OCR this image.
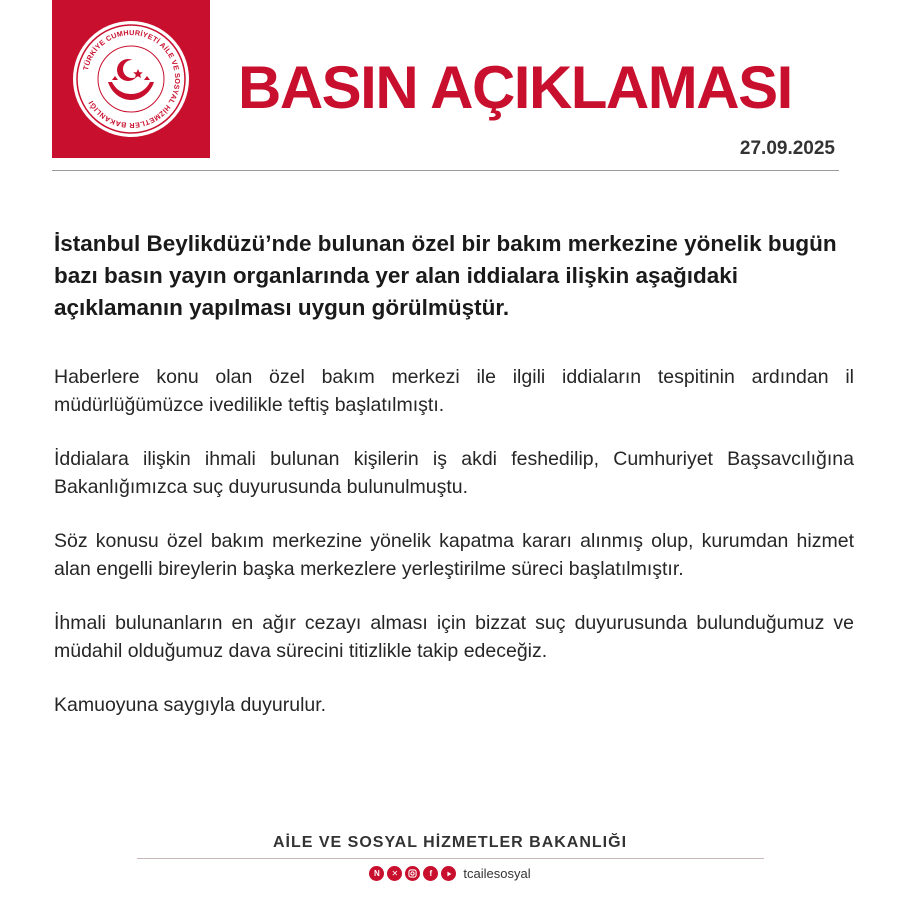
TÜRKİYE CUMHURİYETİ AİLE VE SOSYAL HİZMETLER BAKANLIĞI	BASIN AÇIKLAMASI
27.09.2025

İstanbul Beylikdüzü’nde bulunan özel bir bakım merkezine yönelik bugün bazı basın yayın organlarında yer alan iddialara ilişkin aşağıdaki açıklamanın yapılması uygun görülmüştür.

Haberlere konu olan özel bakım merkezi ile ilgili iddiaların tespitinin ardından il müdürlüğümüzce ivedilikle teftiş başlatılmıştı.

İddialara ilişkin ihmali bulunan kişilerin iş akdi feshedilip, Cumhuriyet Başsavcılığına Bakanlığımızca suç duyurusunda bulunulmuştu.

Söz konusu özel bakım merkezine yönelik kapatma kararı alınmış olup, kurumdan hizmet alan engelli bireylerin başka merkezlere yerleştirilme süreci başlatılmıştır.

İhmali bulunanların en ağır cezayı alması için bizzat suç duyurusunda bulunduğumuz ve müdahil olduğumuz dava sürecini titizlikle takip edeceğiz.

Kamuoyuna saygıyla duyurulur.

AİLE VE SOSYAL HİZMETLER BAKANLIĞI
N	✕	f	tcailesosyal
